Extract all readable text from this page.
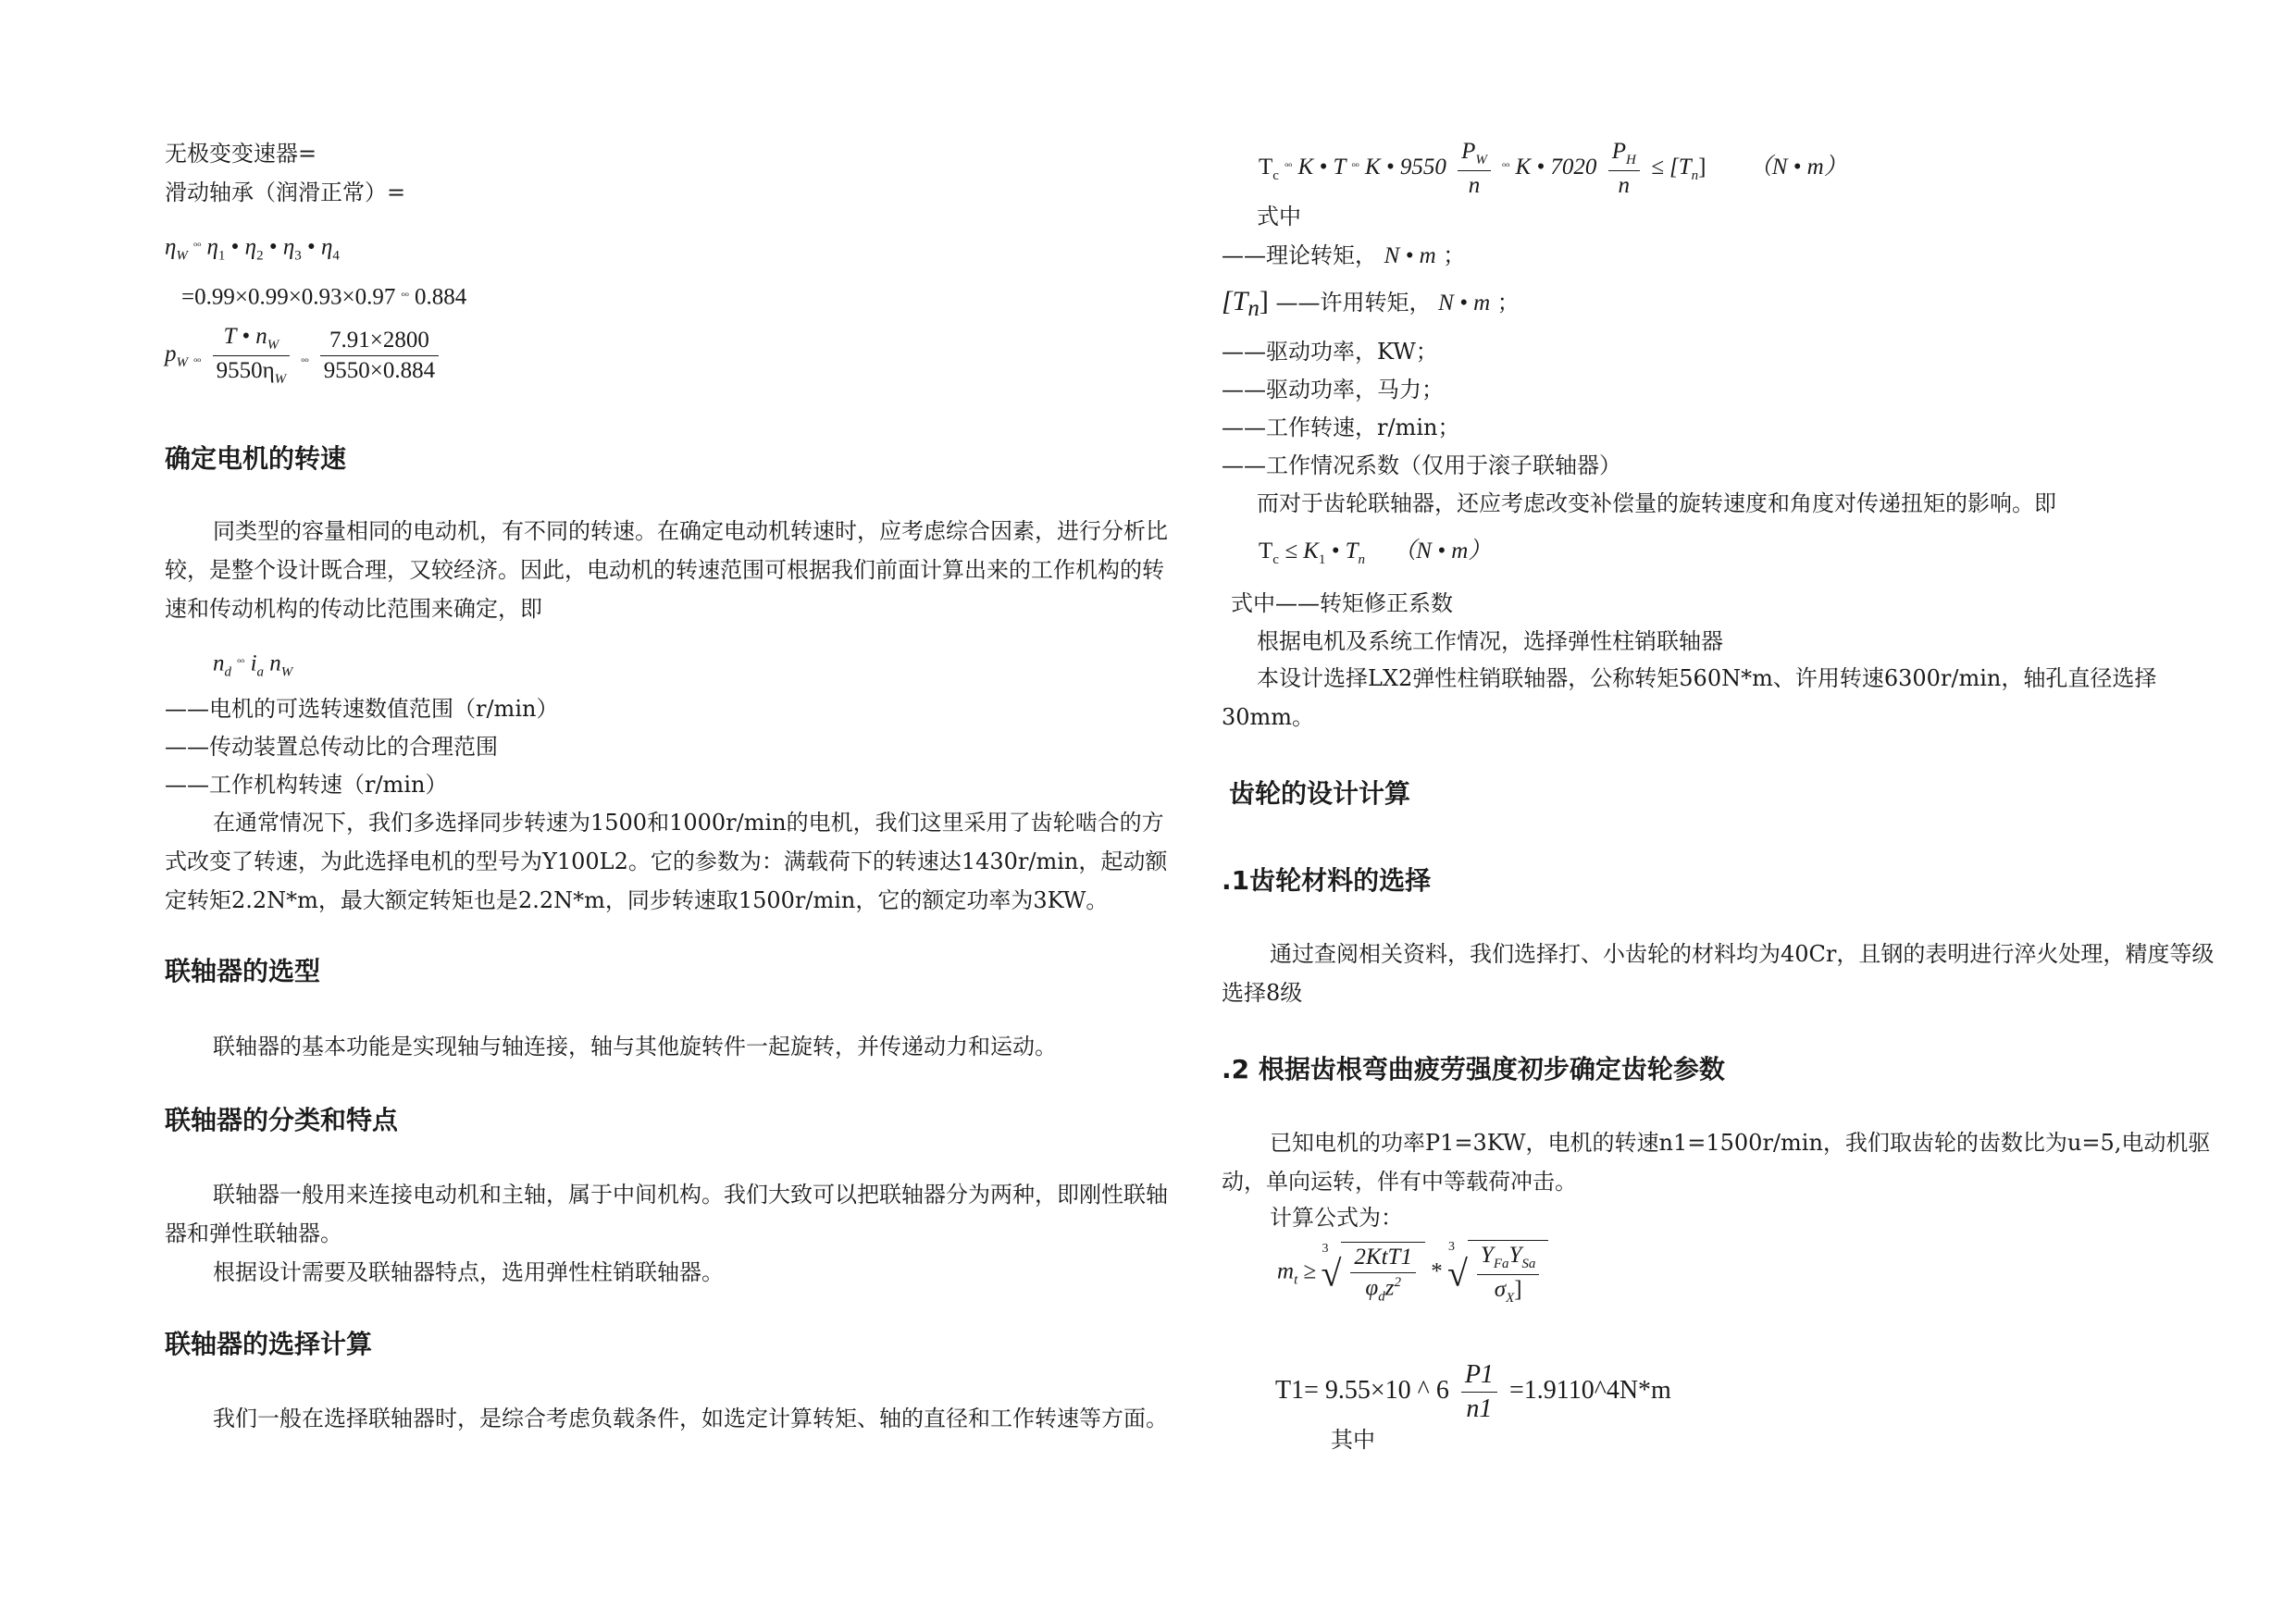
无极变变速器=
滑动轴承（润滑正常）=
$\eta_W$ $^{_{oo}}$ $\eta_1$ • $\eta_2$ • $\eta_3$ • $\eta_4$
=0.99×0.99×0.93×0.97 $^{_{oo}}$ 0.884
$p_W$ ₒₒ $\frac{T • n_W}{9550\eta_W}$ ₒₒ $\frac{7.91\times 2800}{9550\times 0.884}$
确定电机的转速
同类型的容量相同的电动机，有不同的转速。在确定电动机转速时，应考虑综合因素，进行分析比较，是整个设计既合理，又较经济。因此，电动机的转速范围可根据我们前面计算出来的工作机构的转速和传动机构的传动比范围来确定，即
$n_d$ $^{_{oo}}$ $i_a$ $n_W$
——电机的可选转速数值范围（r/min）
——传动装置总传动比的合理范围
——工作机构转速（r/min）
在通常情况下，我们多选择同步转速为1500和1000r/min的电机，我们这里采用了齿轮啮合的方式改变了转速，为此选择电机的型号为Y100L2。它的参数为：满载荷下的转速达1430r/min，起动额定转矩2.2N*m，最大额定转矩也是2.2N*m，同步转速取1500r/min，它的额定功率为3KW。
联轴器的选型
联轴器的基本功能是实现轴与轴连接，轴与其他旋转件一起旋转，并传递动力和运动。
联轴器的分类和特点
联轴器一般用来连接电动机和主轴，属于中间机构。我们大致可以把联轴器分为两种，即刚性联轴器和弹性联轴器。
根据设计需要及联轴器特点，选用弹性柱销联轴器。
联轴器的选择计算
我们一般在选择联轴器时，是综合考虑负载条件，如选定计算转矩、轴的直径和工作转速等方面。
$T_c$ $^{_{oo}}$ K • T $^{_{oo}}$ K • $9550 \frac{P_W}{n} ^{_{oo}}$ K • $7020 \frac{P_H}{n} \le [T_n]$ （N • m）
式中
——理论转矩， N • m ；
$[T_n]$ ——许用转矩， N • m ；
——驱动功率，KW；
——驱动功率，马力；
——工作转速，r/min；
——工作情况系数（仅用于滚子联轴器）
而对于齿轮联轴器，还应考虑改变补偿量的旋转速度和角度对传递扭矩的影响。即
$T_c \le K_1$ • $T_n$ （N • m）
式中——转矩修正系数
根据电机及系统工作情况，选择弹性柱销联轴器
本设计选择LX2弹性柱销联轴器，公称转矩560N*m、许用转速6300r/min，轴孔直径选择30mm。
齿轮的设计计算
.1齿轮材料的选择
通过查阅相关资料，我们选择打、小齿轮的材料均为40Cr，且钢的表明进行淬火处理，精度等级选择8级
.2 根据齿根弯曲疲劳强度初步确定齿轮参数
已知电机的功率P1=3KW，电机的转速n1=1500r/min，我们取齿轮的齿数比为u=5,电动机驱动，单向运转，伴有中等载荷冲击。
计算公式为：
$m_t \ge ^3√ \frac{\text{2KtT1}}{\varphi_dz^2} * ^3√ \frac{Y_{Fa}Y_{Sa}}{\sigma_X]}$
T1= 9.55×10 ^ $6 \frac{P1}{n1}$ =1.9110^4N*m
其中
